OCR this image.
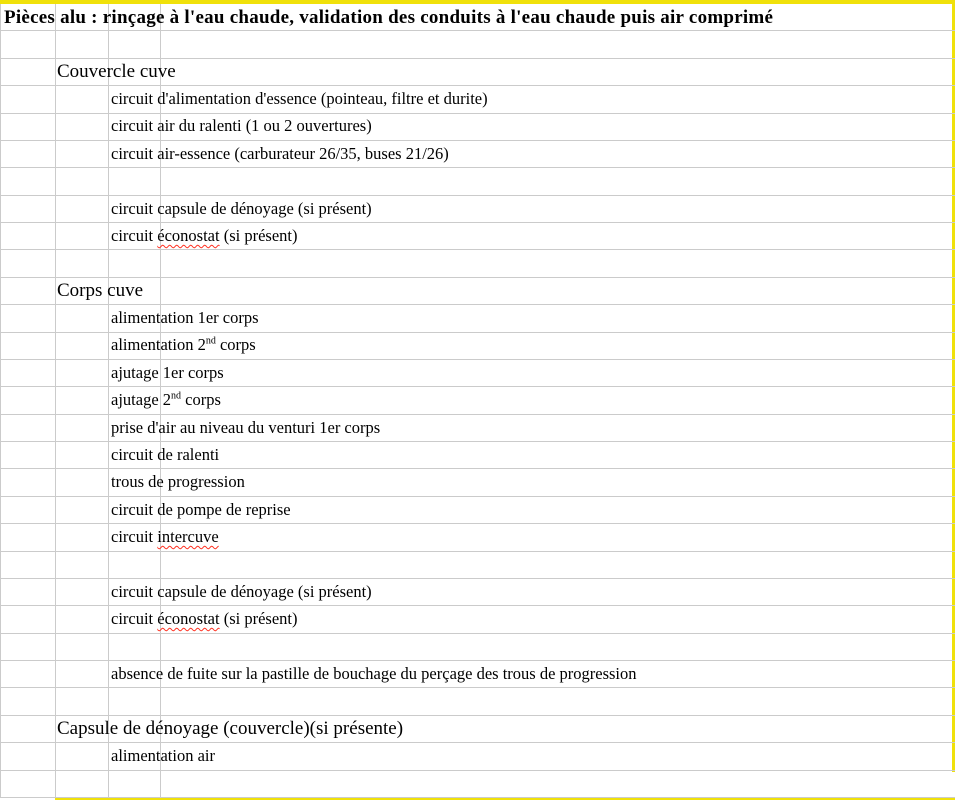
Pièces alu : rinçage à l'eau chaude, validation des conduits à l'eau chaude puis air comprimé
Couvercle cuve
circuit d'alimentation d'essence (pointeau, filtre et durite)
circuit air du ralenti (1 ou 2 ouvertures)
circuit air-essence (carburateur 26/35, buses 21/26)
circuit capsule de dénoyage (si présent)
circuit éconostat (si présent)
Corps cuve
alimentation 1er corps
alimentation 2nd corps
ajutage 1er corps
ajutage 2nd corps
prise d'air au niveau du venturi 1er corps
circuit de ralenti
trous de progression
circuit de pompe de reprise
circuit intercuve
circuit capsule de dénoyage (si présent)
circuit éconostat (si présent)
absence de fuite sur la pastille de bouchage du perçage des trous de progression
Capsule de dénoyage (couvercle)(si présente)
alimentation air
